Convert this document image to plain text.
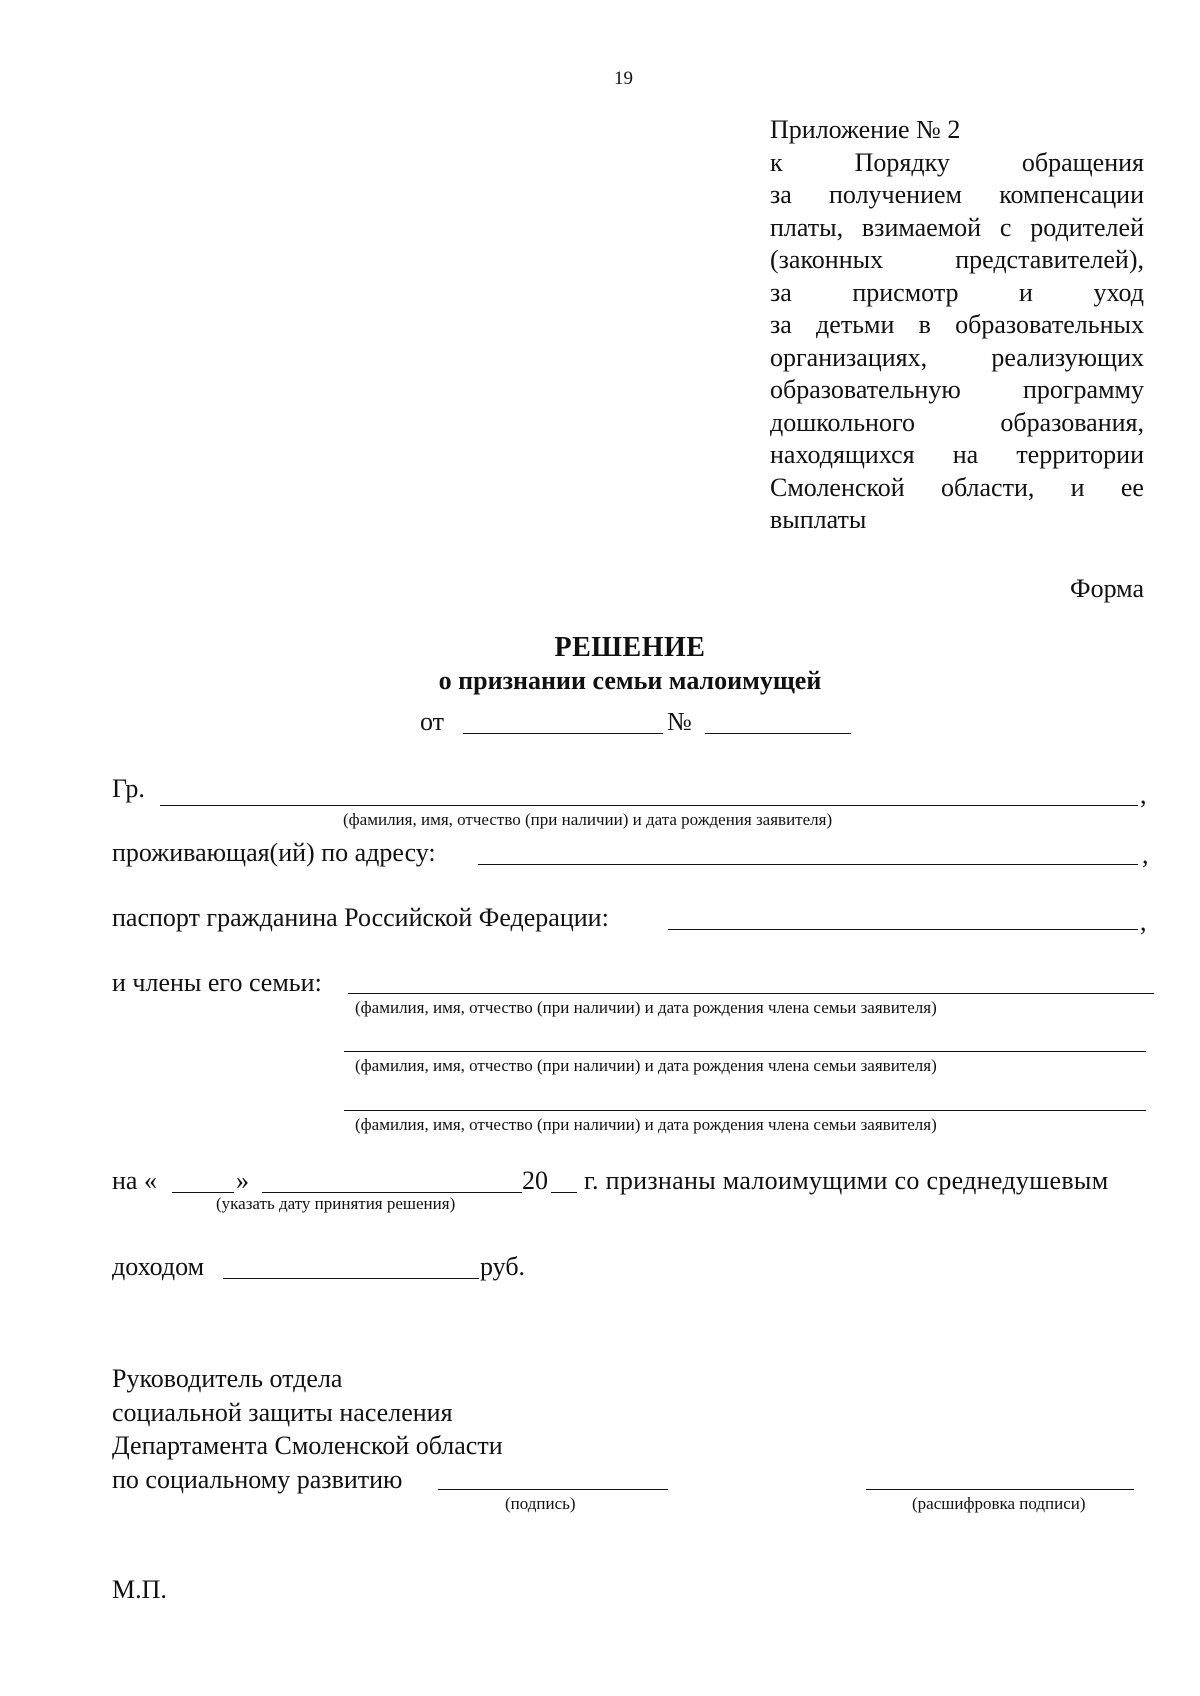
19
Приложение № 2
к	Порядку	обращения
за получением компенсации
платы, взимаемой с родителей
(законных	представителей),
за присмотр и уход
за детьми в образовательных
организациях, реализующих
образовательную программу
дошкольного	образования,
находящихся на территории
Смоленской области, и ее
выплаты
Форма
РЕШЕНИЕ
о признании семьи малоимущей
от	№
Гр.	,
(фамилия, имя, отчество (при наличии) и дата рождения заявителя)
проживающая(ий) по адресу:	,
паспорт гражданина Российской Федерации:	,
и члены его семьи:
(фамилия, имя, отчество (при наличии) и дата рождения члена семьи заявителя)
(фамилия, имя, отчество (при наличии) и дата рождения члена семьи заявителя)
(фамилия, имя, отчество (при наличии) и дата рождения члена семьи заявителя)
на «	»	20 г. признаны малоимущими со среднедушевым
(указать дату принятия решения)
доходом	руб.
Руководитель отдела
социальной защиты населения
Департамента Смоленской области
по социальному развитию
(подпись)	(расшифровка подписи)
М.П.
